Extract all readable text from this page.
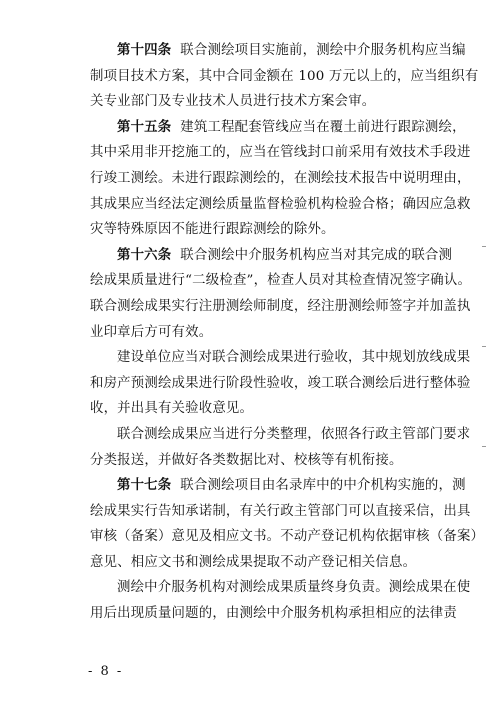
第十四条 联合测绘项目实施前，测绘中介服务机构应当编
制项目技术方案，其中合同金额在 100 万元以上的，应当组织有
关专业部门及专业技术人员进行技术方案会审。
第十五条 建筑工程配套管线应当在覆土前进行跟踪测绘，
其中采用非开挖施工的，应当在管线封口前采用有效技术手段进
行竣工测绘。未进行跟踪测绘的，在测绘技术报告中说明理由，
其成果应当经法定测绘质量监督检验机构检验合格；确因应急救
灾等特殊原因不能进行跟踪测绘的除外。
第十六条 联合测绘中介服务机构应当对其完成的联合测
绘成果质量进行“二级检查”，检查人员对其检查情况签字确认。
联合测绘成果实行注册测绘师制度，经注册测绘师签字并加盖执
业印章后方可有效。
建设单位应当对联合测绘成果进行验收，其中规划放线成果
和房产预测绘成果进行阶段性验收，竣工联合测绘后进行整体验
收，并出具有关验收意见。
联合测绘成果应当进行分类整理，依照各行政主管部门要求
分类报送，并做好各类数据比对、校核等有机衔接。
第十七条 联合测绘项目由名录库中的中介机构实施的，测
绘成果实行告知承诺制，有关行政主管部门可以直接采信，出具
审核（备案）意见及相应文书。不动产登记机构依据审核（备案）
意见、相应文书和测绘成果提取不动产登记相关信息。
测绘中介服务机构对测绘成果质量终身负责。测绘成果在使
用后出现质量问题的，由测绘中介服务机构承担相应的法律责
- 8 -
